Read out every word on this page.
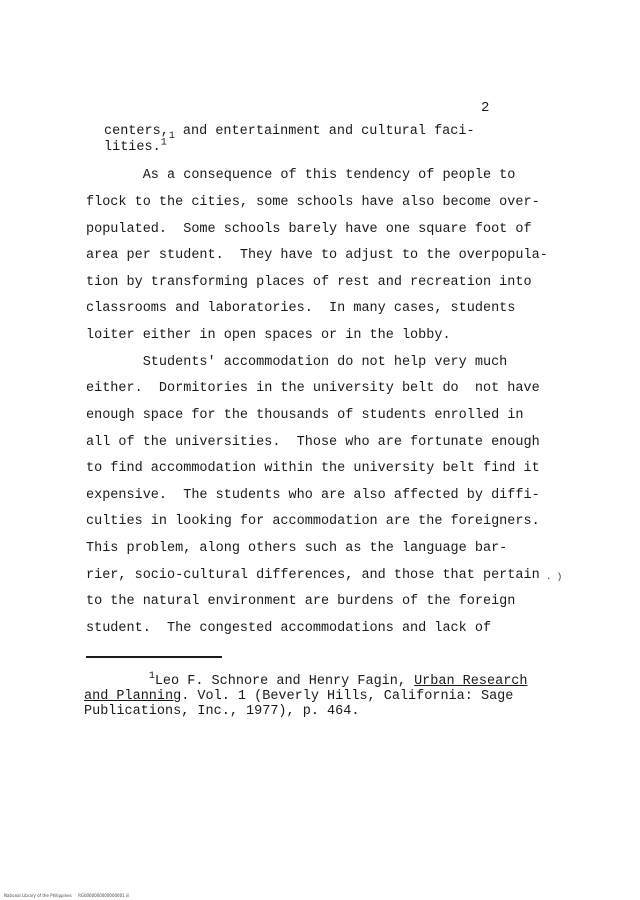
2
$centers,_1$ and entertainment and cultural faci-
lities.$^1$
As a consequence of this tendency of people to
flock to the cities, some schools have also become over-
populated.  Some schools barely have one square foot of
area per student.  They have to adjust to the overpopula-
tion by transforming places of rest and recreation into
classrooms and laboratories.  In many cases, students
loiter either in open spaces or in the lobby.
Students' accommodation do not help very much
either.  Dormitories in the university belt do  not have
enough space for the thousands of students enrolled in
all of the universities.  Those who are fortunate enough
to find accommodation within the university belt find it
expensive.  The students who are also affected by diffi-
culties in looking for accommodation are the foreigners.
This problem, along others such as the language bar-
rier, socio-cultural differences, and those that pertain
to the natural environment are burdens of the foreign
student.  The congested accommodations and lack of
. )
$^1$Leo F. Schnore and Henry Fagin, Urban Research
and Planning. Vol. 1 (Beverly Hills, California: Sage
Publications, Inc., 1977), p. 464.
National Library of the Philippines     RG0000000000000001 iii
